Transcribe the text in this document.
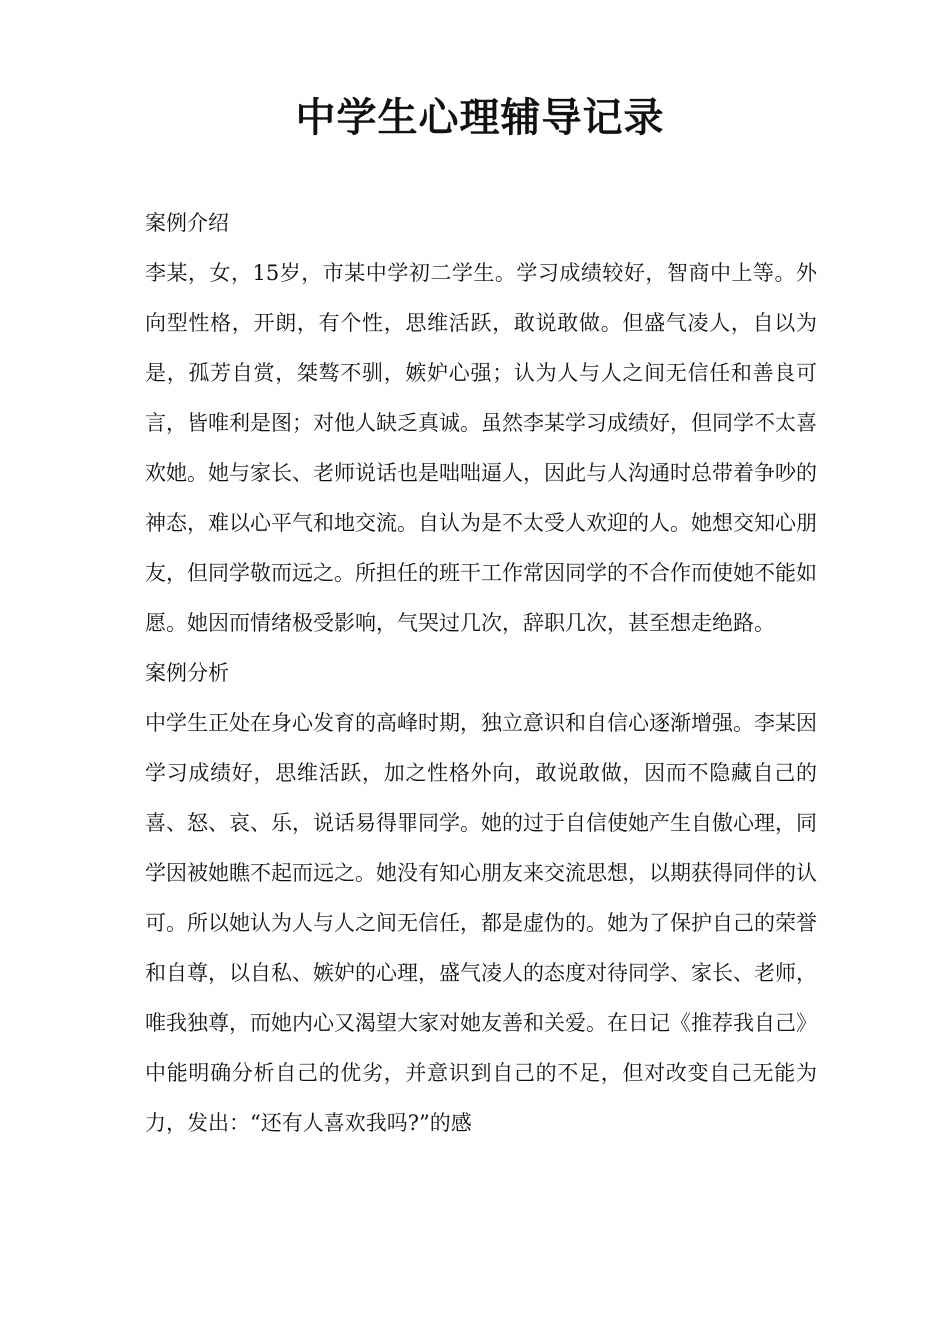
中学生心理辅导记录
案例介绍

李某，女，15岁，市某中学初二学生。学习成绩较好，智商中上等。外向型性格，开朗，有个性，思维活跃，敢说敢做。但盛气凌人，自以为是，孤芳自赏，桀骜不驯，嫉妒心强；认为人与人之间无信任和善良可言，皆唯利是图；对他人缺乏真诚。虽然李某学习成绩好，但同学不太喜欢她。她与家长、老师说话也是咄咄逼人，因此与人沟通时总带着争吵的神态，难以心平气和地交流。自认为是不太受人欢迎的人。她想交知心朋友，但同学敬而远之。所担任的班干工作常因同学的不合作而使她不能如愿。她因而情绪极受影响，气哭过几次，辞职几次，甚至想走绝路。

案例分析

中学生正处在身心发育的高峰时期，独立意识和自信心逐渐增强。李某因学习成绩好，思维活跃，加之性格外向，敢说敢做，因而不隐藏自己的喜、怒、哀、乐，说话易得罪同学。她的过于自信使她产生自傲心理，同学因被她瞧不起而远之。她没有知心朋友来交流思想，以期获得同伴的认可。所以她认为人与人之间无信任，都是虚伪的。她为了保护自己的荣誉和自尊，以自私、嫉妒的心理，盛气凌人的态度对待同学、家长、老师，唯我独尊，而她内心又渴望大家对她友善和关爱。在日记《推荐我自己》中能明确分析自己的优劣，并意识到自己的不足，但对改变自己无能为力，发出：“还有人喜欢我吗?”的感
